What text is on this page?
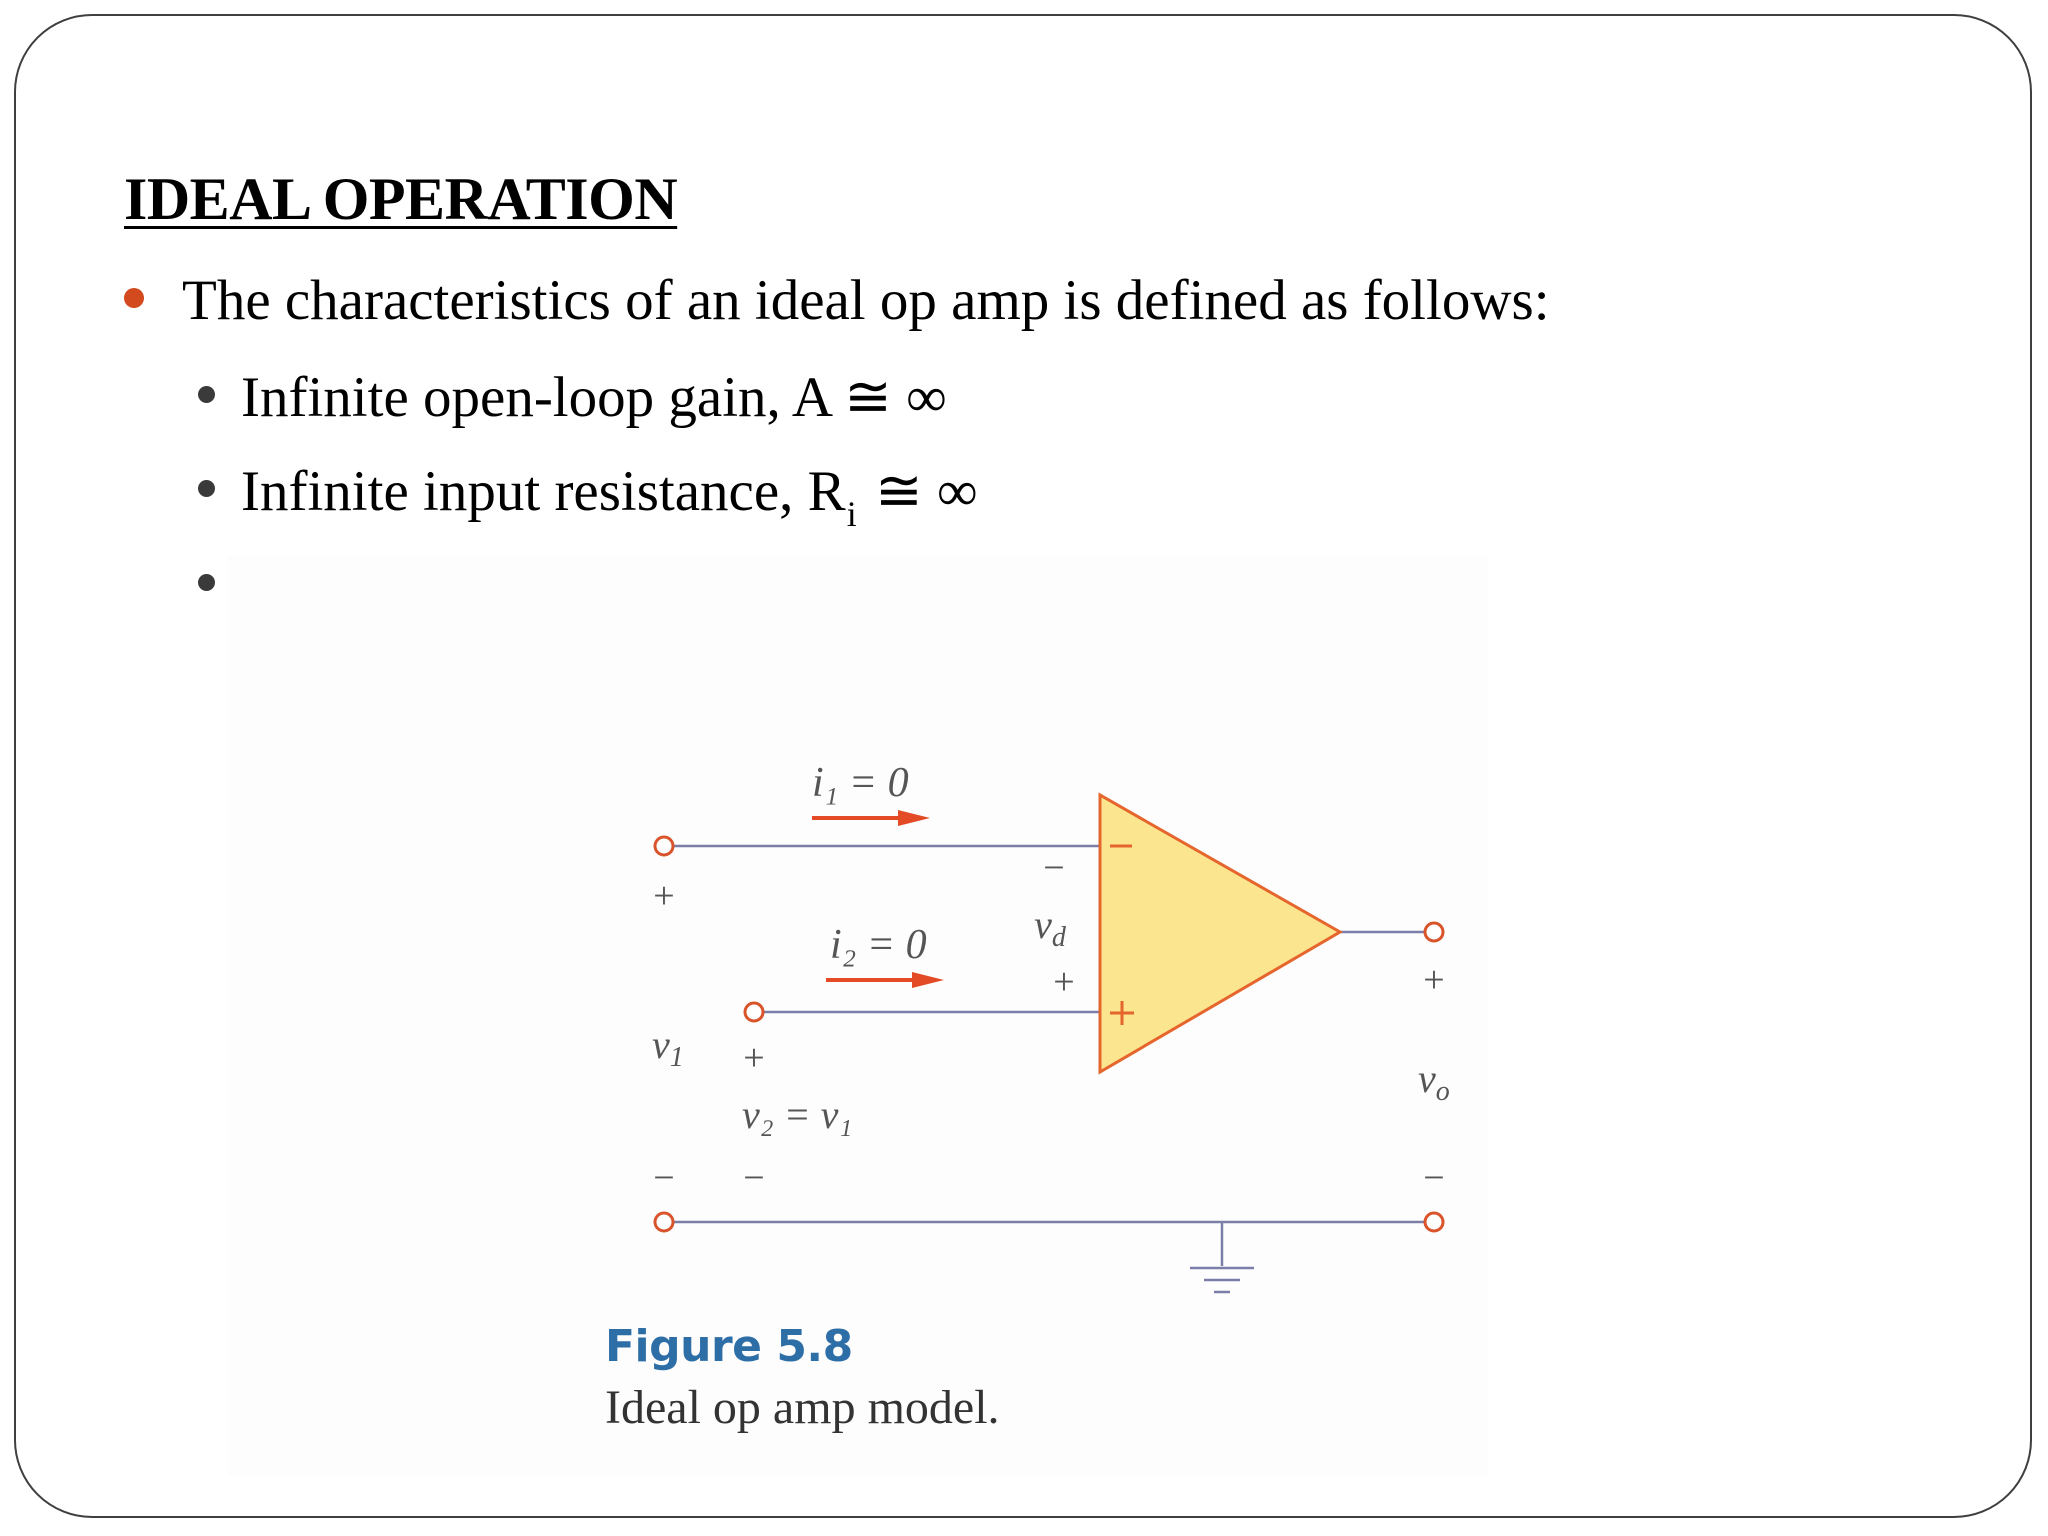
IDEAL OPERATION
The characteristics of an ideal op amp is defined as follows:
Infinite open-loop gain, A ≅ ∞
Infinite input resistance, $R_i$ ≅ ∞
i₁ = 0
i₂ = 0
−
$v_d$
+
+
$v_1$
−
+
v₂ = v₁
−
+
$v_o$
−
Figure 5.8
Ideal op amp model.
